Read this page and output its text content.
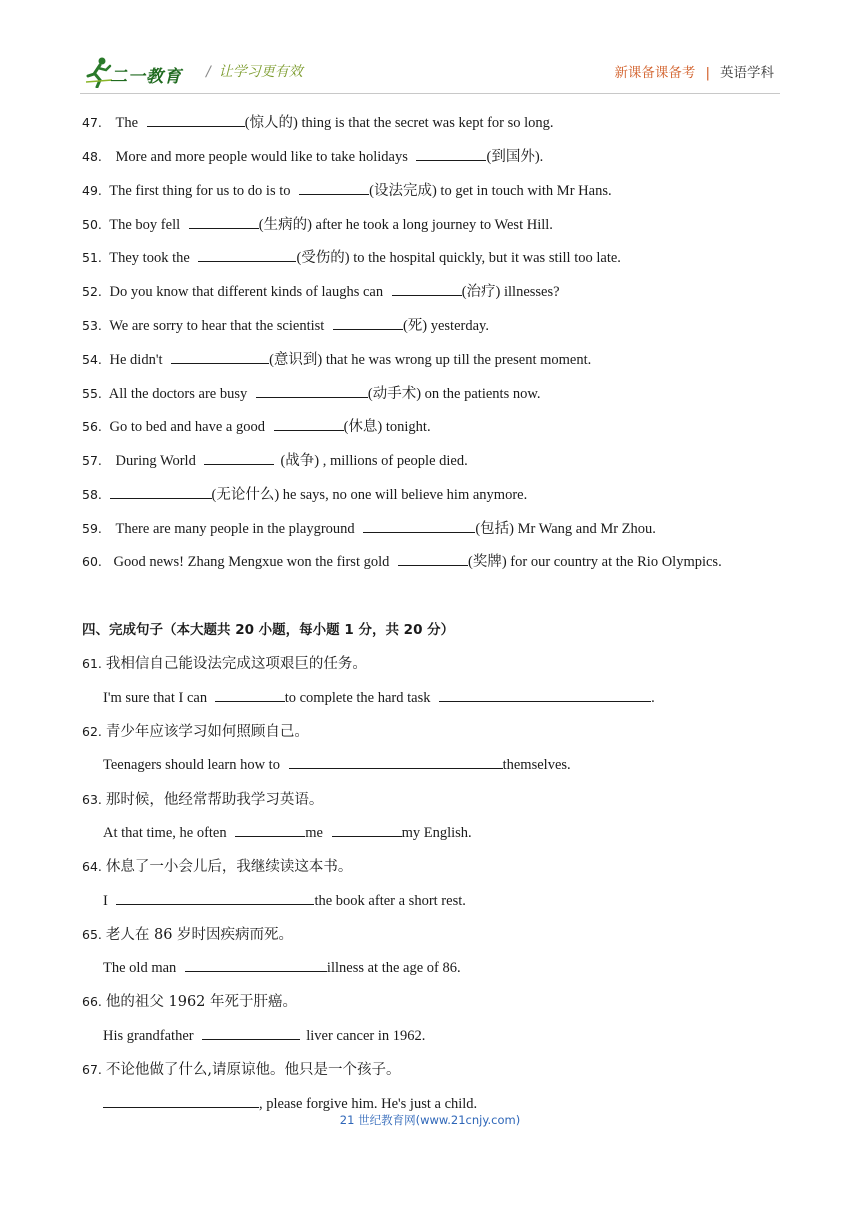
二一教育 / 让学习更有效	新课备课备考 | 英语学科
47. The	(惊人的) thing is that the secret was kept for so long.
48. More and more people would like to take holidays	(到国外).
49. The first thing for us to do is to	(设法完成) to get in touch with Mr Hans.
50. The boy fell	(生病的) after he took a long journey to West Hill.
51. They took the	(受伤的) to the hospital quickly, but it was still too late.
52. Do you know that different kinds of laughs can	(治疗) illnesses?
53. We are sorry to hear that the scientist	(死) yesterday.
54. He didn't	(意识到) that he was wrong up till the present moment.
55. All the doctors are busy	(动手术) on the patients now.
56. Go to bed and have a good	(休息) tonight.
57. During World	(战争) , millions of people died.
58.	(无论什么) he says, no one will believe him anymore.
59. There are many people in the playground	(包括) Mr Wang and Mr Zhou.
60. Good news! Zhang Mengxue won the first gold	(奖牌) for our country at the Rio Olympics.
四、完成句子（本大题共 20 小题，每小题 1 分，共 20 分）
61. 我相信自己能设法完成这项艰巨的任务。
I'm sure that I can	to complete the hard task	.
62. 青少年应该学习如何照顾自己。
Teenagers should learn how to	themselves.
63. 那时候，他经常帮助我学习英语。
At that time, he often	me	my English.
64. 休息了一小会儿后，我继续读这本书。
I	the book after a short rest.
65. 老人在 86 岁时因疾病而死。
The old man	illness at the age of 86.
66. 他的祖父 1962 年死于肝癌。
His grandfather	liver cancer in 1962.
67. 不论他做了什么,请原谅他。他只是一个孩子。
, please forgive him. He's just a child.
21 世纪教育网(www.21cnjy.com)
